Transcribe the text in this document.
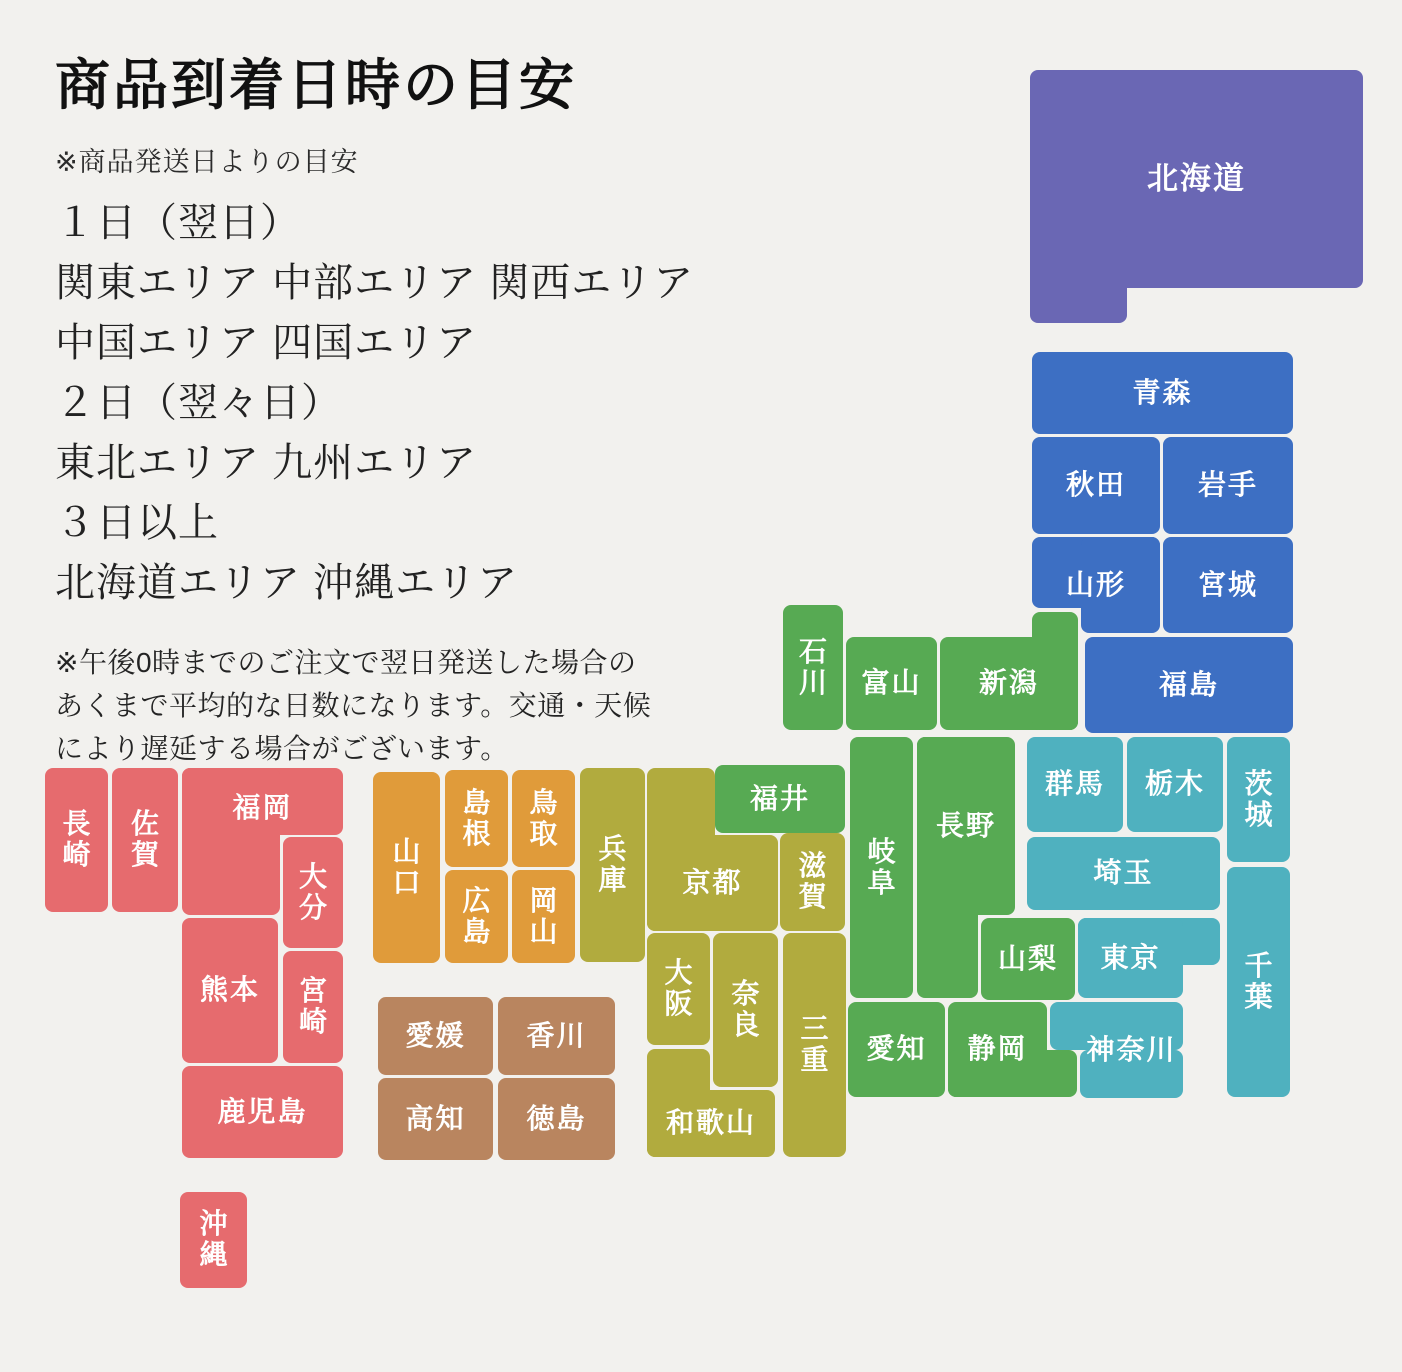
北海道
青森
秋田	岩手
山形	宮城
福島
石
川	富山	新潟
福井
岐
阜
長野
山梨
愛知	静岡
群馬	栃木	茨
城
埼玉
東京	千
葉
神奈川
兵
庫	京都
滋
賀
大
阪 奈
良 三
重
和歌山
山
口
島
根
鳥
取
広
島
岡
山
愛媛	香川
高知	徳島
長
崎
佐
賀
福岡
大
分
熊本	宮
崎
鹿児島
沖
縄
商品到着日時の目安
※商品発送日よりの目安
１日（翌日）
関東エリア 中部エリア 関西エリア
中国エリア 四国エリア
２日（翌々日）
東北エリア 九州エリア
３日以上
北海道エリア 沖縄エリア
※午後0時までのご注文で翌日発送した場合の
あくまで平均的な日数になります。交通・天候
により遅延する場合がございます。
